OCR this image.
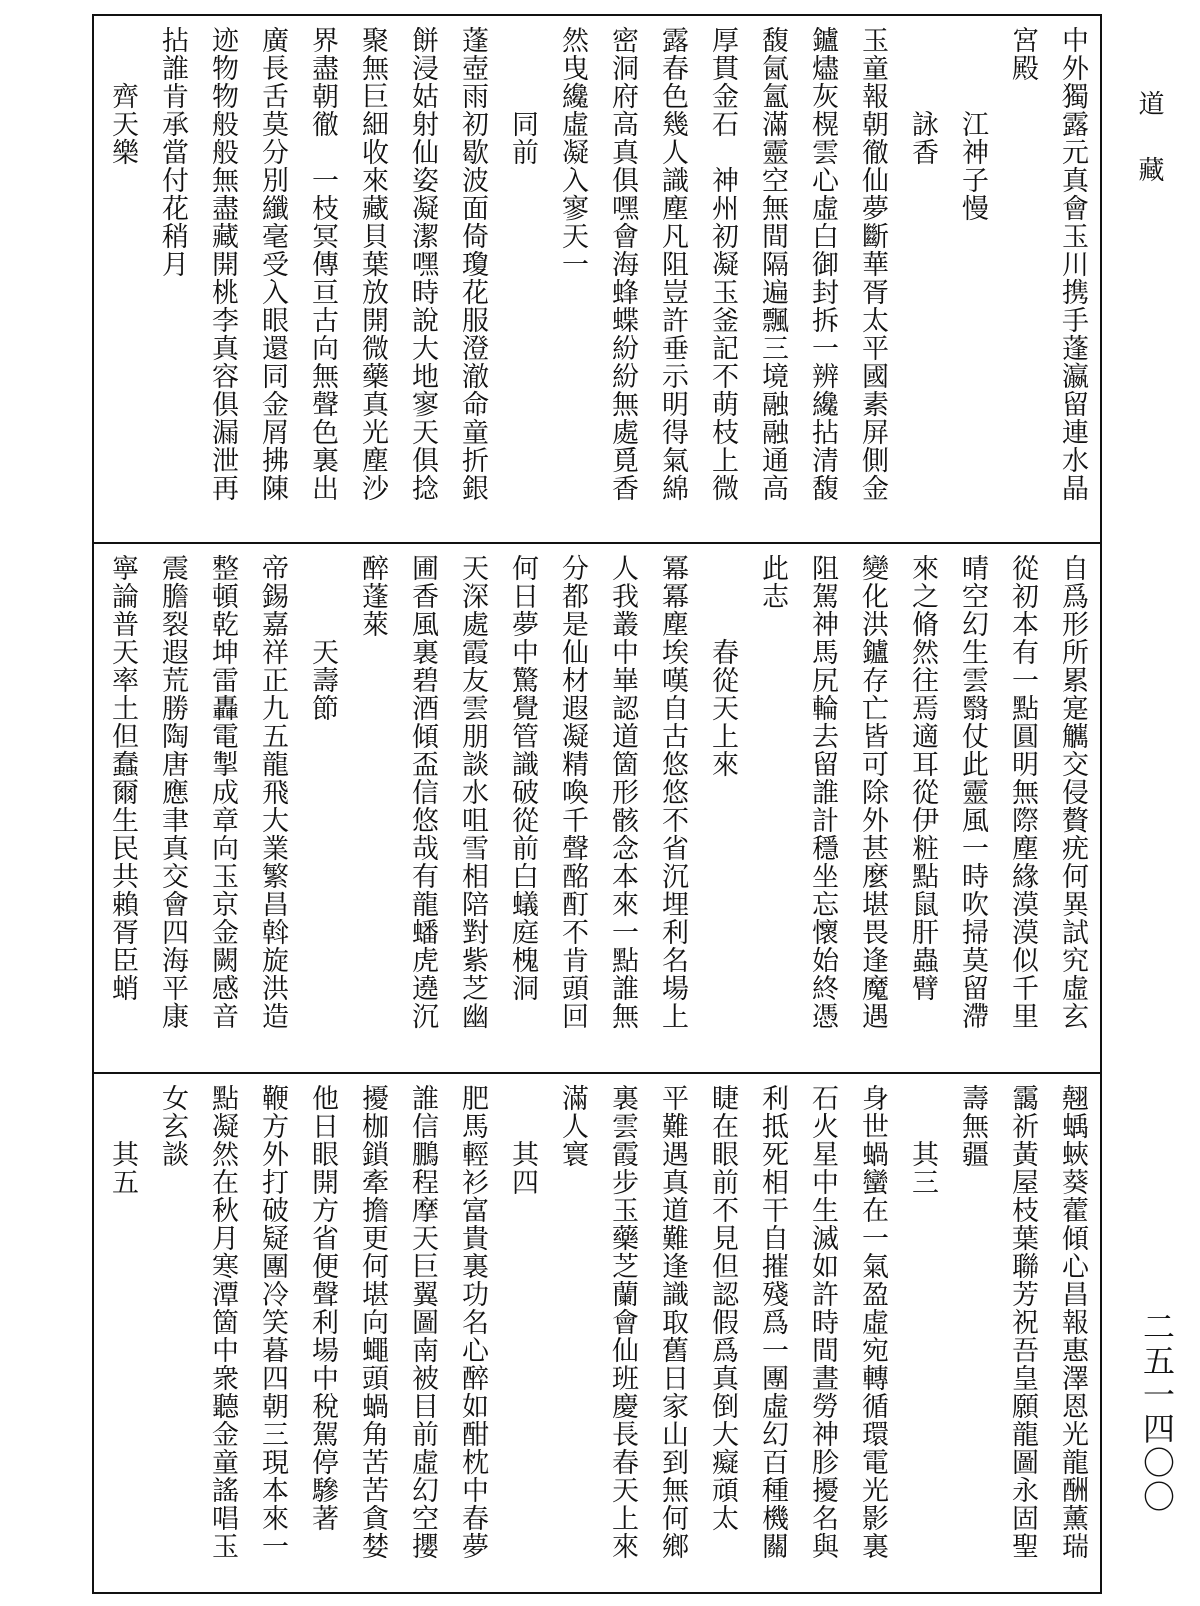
道藏
中外獨露元真會玉川携手蓬瀛留連水晶
宮殿
　　　江神子慢
　　　詠香
玉童報朝徹仙夢斷華胥太平國素屏側金
鑪燼灰榥雲心虛白御封拆一辨纔拈清馥
馥氤氳滿靈空無間隔遍飄三境融融通高
厚貫金石　神州初凝玉釜記不萌枝上微
露春色幾人識塵凡阻豈許垂示明得氣綿
密洞府高真俱嘿會海蜂蝶紛紛無處覓香
然曳纔虛凝入寥天一
　　　同前
蓬壺雨初歇波面倚瓊花服澄澈命童折銀
餅浸姑射仙姿凝潔嘿時說大地寥天俱捻
聚無巨細收來藏貝葉放開微藥真光塵沙
界盡朝徹　一枝冥傳亘古向無聲色裏出
廣長舌莫分別纖毫受入眼還同金屑拂陳
迹物物般般無盡藏開桃李真容俱漏泄再
拈誰肯承當付花稍月
　　齊天樂
自爲形所累寔觽交侵贅疣何異試究虛玄
從初本有一點圓明無際塵緣漠漠似千里
晴空幻生雲翳仗此靈風一時吹掃莫留滯
來之脩然往焉適耳從伊粧點鼠肝蟲臂
變化洪鑪存亡皆可除外甚麼堪畏逢魔遇
阻駕神馬尻輪去留誰計穩坐忘懷始終憑
此志
　　　春從天上來
冪冪塵埃嘆自古悠悠不省沉埋利名場上
人我叢中崋認道箇形骸念本來一點誰無
分都是仙材遐凝精喚千聲酩酊不肯頭回
何日夢中驚覺管識破從前白蟻庭槐洞
天深處霞友雲朋談水咀雪相陪對紫芝幽
圃香風裏碧酒傾盃信悠哉有龍蟠虎遶沉
醉蓬萊
　　　天壽節
帝錫嘉祥正九五龍飛大業繁昌斡旋洪造
整頓乾坤雷轟電掣成章向玉京金闕感音
震膽裂遐荒勝陶唐應聿真交會四海平康
寧論普天率土但蠢爾生民共賴胥臣蛸
翹蝺蛺葵藿傾心昌報惠澤恩光龍酬薰瑞
靄祈黃屋枝葉聯芳祝吾皇願龍圖永固聖
壽無疆
　　其三
身世蝸蠻在一氣盈虛宛轉循環電光影裏
石火星中生滅如許時間晝勞神胗擾名與
利抵死相干自摧殘爲一團虛幻百種機關
睫在眼前不見但認假爲真倒大癡頑太
平難遇真道難逢識取舊日家山到無何鄉
裏雲霞步玉藥芝蘭會仙班慶長春天上來
滿人寰
　　其四
肥馬輕衫富貴裏功名心醉如酣枕中春夢
誰信鵬程摩天巨翼圖南被目前虛幻空攖
擾枷鎖牽擔更何堪向蠅頭蝸角苦苦貪婪
他日眼開方省便聲利場中稅駕停驂著
鞭方外打破疑團冷笑暮四朝三現本來一
點凝然在秋月寒潭箇中衆聽金童謠唱玉
女玄談
　　其五
二五一四〇〇
